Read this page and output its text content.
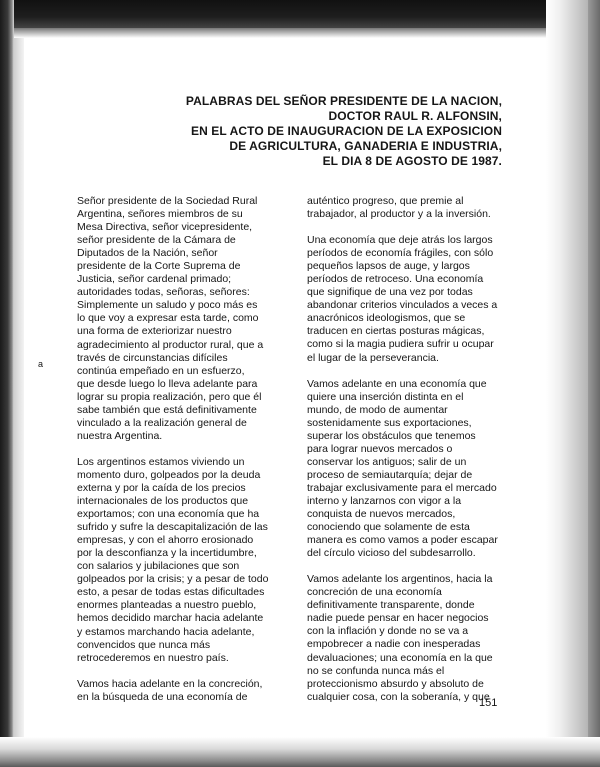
PALABRAS DEL SEÑOR PRESIDENTE DE LA NACION,
DOCTOR RAUL R. ALFONSIN,
EN EL ACTO DE INAUGURACION DE LA EXPOSICION
DE AGRICULTURA, GANADERIA E INDUSTRIA,
EL DIA 8 DE AGOSTO DE 1987.
a

Señor presidente de la Sociedad Rural
Argentina, señores miembros de su
Mesa Directiva, señor vicepresidente,
señor presidente de la Cámara de
Diputados de la Nación, señor
presidente de la Corte Suprema de
Justicia, señor cardenal primado;
autoridades todas, señoras, señores:
Simplemente un saludo y poco más es
lo que voy a expresar esta tarde, como
una forma de exteriorizar nuestro
agradecimiento al productor rural, que a
través de circunstancias difíciles
continúa empeñado en un esfuerzo,
que desde luego lo lleva adelante para
lograr su propia realización, pero que él
sabe también que está definitivamente
vinculado a la realización general de
nuestra Argentina.

Los argentinos estamos viviendo un
momento duro, golpeados por la deuda
externa y por la caída de los precios
internacionales de los productos que
exportamos; con una economía que ha
sufrido y sufre la descapitalización de las
empresas, y con el ahorro erosionado
por la desconfianza y la incertidumbre,
con salarios y jubilaciones que son
golpeados por la crisis; y a pesar de todo
esto, a pesar de todas estas dificultades
enormes planteadas a nuestro pueblo,
hemos decidido marchar hacia adelante
y estamos marchando hacia adelante,
convencidos que nunca más
retrocederemos en nuestro país.

Vamos hacia adelante en la concreción,
en la búsqueda de una economía de

auténtico progreso, que premie al
trabajador, al productor y a la inversión.

Una economía que deje atrás los largos
períodos de economía frágiles, con sólo
pequeños lapsos de auge, y largos
períodos de retroceso. Una economía
que signifique de una vez por todas
abandonar criterios vinculados a veces a
anacrónicos ideologismos, que se
traducen en ciertas posturas mágicas,
como si la magia pudiera sufrir u ocupar
el lugar de la perseverancia.

Vamos adelante en una economía que
quiere una inserción distinta en el
mundo, de modo de aumentar
sostenidamente sus exportaciones,
superar los obstáculos que tenemos
para lograr nuevos mercados o
conservar los antiguos; salir de un
proceso de semiautarquía; dejar de
trabajar exclusivamente para el mercado
interno y lanzarnos con vigor a la
conquista de nuevos mercados,
conociendo que solamente de esta
manera es como vamos a poder escapar
del círculo vicioso del subdesarrollo.

Vamos adelante los argentinos, hacia la
concreción de una economía
definitivamente transparente, donde
nadie puede pensar en hacer negocios
con la inflación y donde no se va a
empobrecer a nadie con inesperadas
devaluaciones; una economía en la que
no se confunda nunca más el
proteccionismo absurdo y absoluto de
cualquier cosa, con la soberanía, y que

151
